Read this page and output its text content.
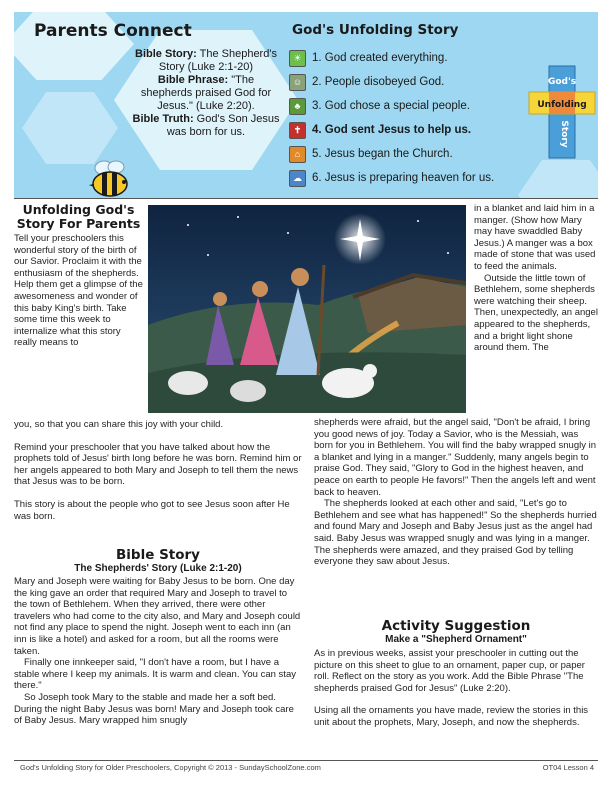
Parents Connect
Bible Story: The Shepherd's Story (Luke 2:1-20)
Bible Phrase: "The shepherds praised God for Jesus." (Luke 2:20).
Bible Truth: God's Son Jesus was born for us.
God's Unfolding Story
☀ 1. God created everything.
☺ 2. People disobeyed God.
♣	3. God chose a special people.
✝ 4. God sent Jesus to help us.
⌂	5. Jesus began the Church.
☁ 6. Jesus is preparing heaven for us.
God's
Unfolding
Story
Unfolding God's Story For Parents

Tell your preschoolers this wonderful story of the birth of our Savior. Proclaim it with the enthusiasm of the shepherds. Help them get a glimpse of the awesomeness and wonder of this baby King's birth. Take some time this week to internalize what this story really means to

in a blanket and laid him in a manger. (Show how Mary may have swaddled Baby Jesus.) A manger was a box made of stone that was used to feed the animals.

Outside the little town of Bethlehem, some shepherds were watching their sheep. Then, unexpectedly, an angel appeared to the shepherds, and a bright light shone around them. The

you, so that you can share this joy with your child.

Remind your preschooler that you have talked about how the prophets told of Jesus' birth long before he was born. Remind him or her angels appeared to both Mary and Joseph to tell them the news that Jesus was to be born.

This story is about the people who got to see Jesus soon after He was born.

Bible Story
The Shepherds' Story (Luke 2:1-20)

Mary and Joseph were waiting for Baby Jesus to be born. One day the king gave an order that required Mary and Joseph to travel to the town of Bethlehem. When they arrived, there were other travelers who had come to the city also, and Mary and Joseph could not find any place to spend the night. Joseph went to each inn (an inn is like a hotel) and asked for a room, but all the rooms were taken.

Finally one innkeeper said, "I don't have a room, but I have a stable where I keep my animals. It is warm and clean. You can stay there."

So Joseph took Mary to the stable and made her a soft bed. During the night Baby Jesus was born! Mary and Joseph took care of Baby Jesus. Mary wrapped him snugly

shepherds were afraid, but the angel said, "Don't be afraid, I bring you good news of joy. Today a Savior, who is the Messiah, was born for you in Bethlehem. You will find the baby wrapped snugly in a blanket and lying in a manger." Suddenly, many angels begin to praise God. They said, "Glory to God in the highest heaven, and peace on earth to people He favors!" Then the angels left and went back to heaven.

The shepherds looked at each other and said, "Let's go to Bethlehem and see what has happened!" So the shepherds hurried and found Mary and Joseph and Baby Jesus just as the angel had said. Baby Jesus was wrapped snugly and was lying in a manger. The shepherds were amazed, and they praised God by telling everyone they saw about Jesus.

Activity Suggestion
Make a "Shepherd Ornament"

As in previous weeks, assist your preschooler in cutting out the picture on this sheet to glue to an ornament, paper cup, or paper roll. Reflect on the story as you work. Add the Bible Phrase "The shepherds praised God for Jesus" (Luke 2:20).

Using all the ornaments you have made, review the stories in this unit about the prophets, Mary, Joseph, and now the shepherds.

God's Unfolding Story for Older Preschoolers, Copyright © 2013 - SundaySchoolZone.com	OT04 Lesson 4
